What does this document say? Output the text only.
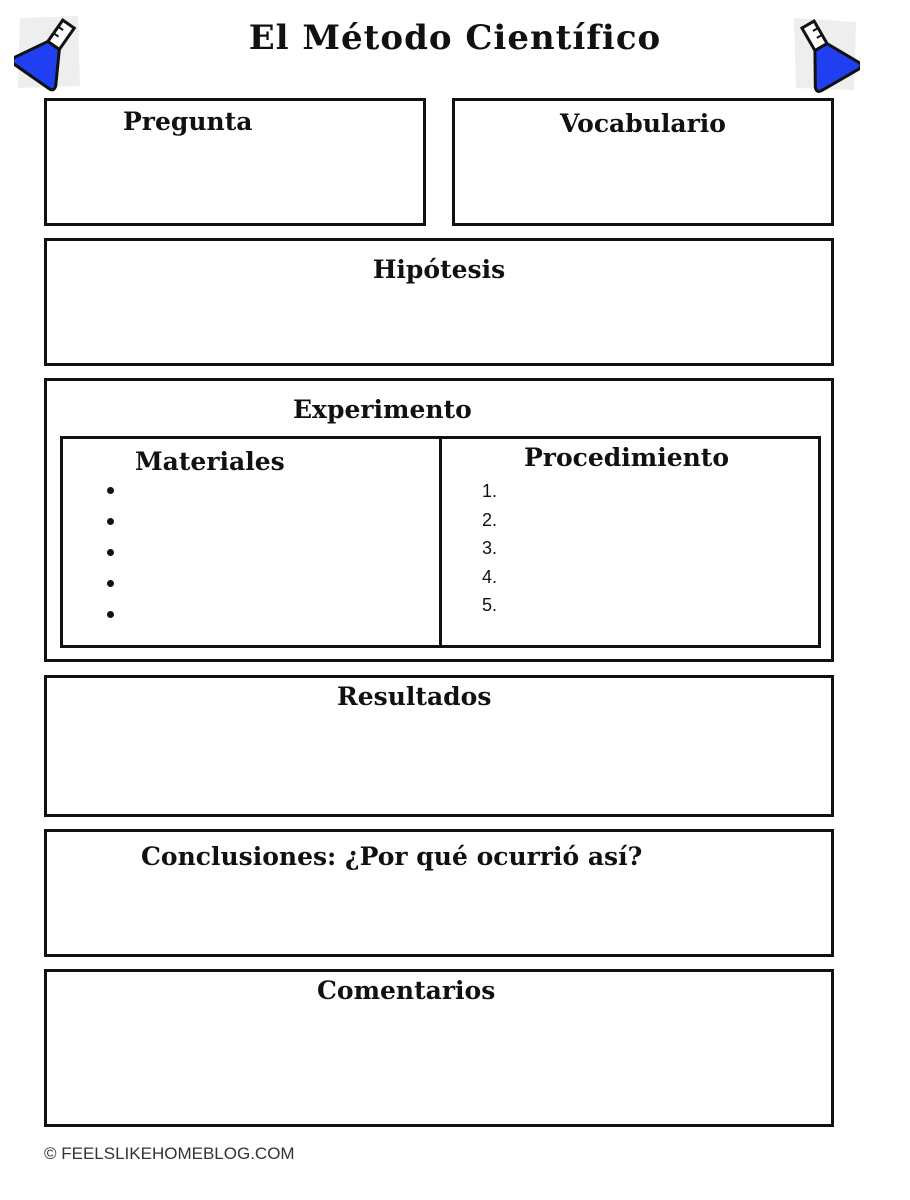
El Método Científico
Pregunta	Vocabulario
Hipótesis
Experimento
Materiales	Procedimiento
1.
2.
3.
4.
5.
Resultados
Conclusiones: ¿Por qué ocurrió así?
Comentarios
© FEELSLIKEHOMEBLOG.COM
